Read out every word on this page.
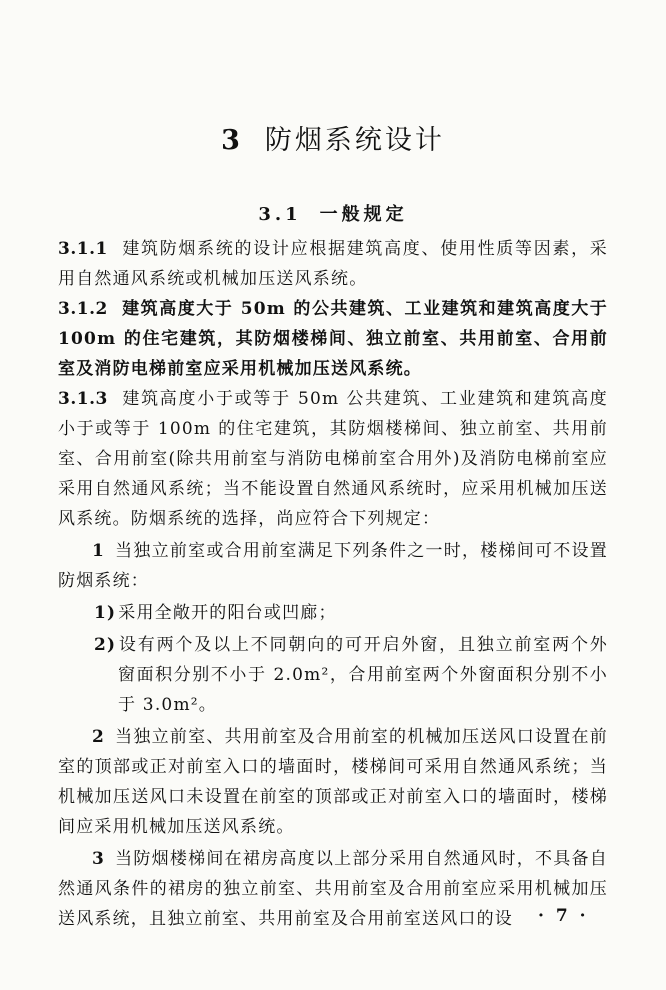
3 防烟系统设计
3.1 一般规定

3.1.1 建筑防烟系统的设计应根据建筑高度、使用性质等因素，采用自然通风系统或机械加压送风系统。

3.1.2 建筑高度大于 50m 的公共建筑、工业建筑和建筑高度大于 100m 的住宅建筑，其防烟楼梯间、独立前室、共用前室、合用前室及消防电梯前室应采用机械加压送风系统。

3.1.3 建筑高度小于或等于 50m 公共建筑、工业建筑和建筑高度小于或等于 100m 的住宅建筑，其防烟楼梯间、独立前室、共用前室、合用前室(除共用前室与消防电梯前室合用外)及消防电梯前室应采用自然通风系统；当不能设置自然通风系统时，应采用机械加压送风系统。防烟系统的选择，尚应符合下列规定：

1 当独立前室或合用前室满足下列条件之一时，楼梯间可不设置防烟系统：

1) 采用全敞开的阳台或凹廊；

2) 设有两个及以上不同朝向的可开启外窗，且独立前室两个外窗面积分别不小于 2.0m²，合用前室两个外窗面积分别不小于 3.0m²。

2 当独立前室、共用前室及合用前室的机械加压送风口设置在前室的顶部或正对前室入口的墙面时，楼梯间可采用自然通风系统；当机械加压送风口未设置在前室的顶部或正对前室入口的墙面时，楼梯间应采用机械加压送风系统。

3 当防烟楼梯间在裙房高度以上部分采用自然通风时，不具备自然通风条件的裙房的独立前室、共用前室及合用前室应采用机械加压送风系统，且独立前室、共用前室及合用前室送风口的设	· 7 ·
